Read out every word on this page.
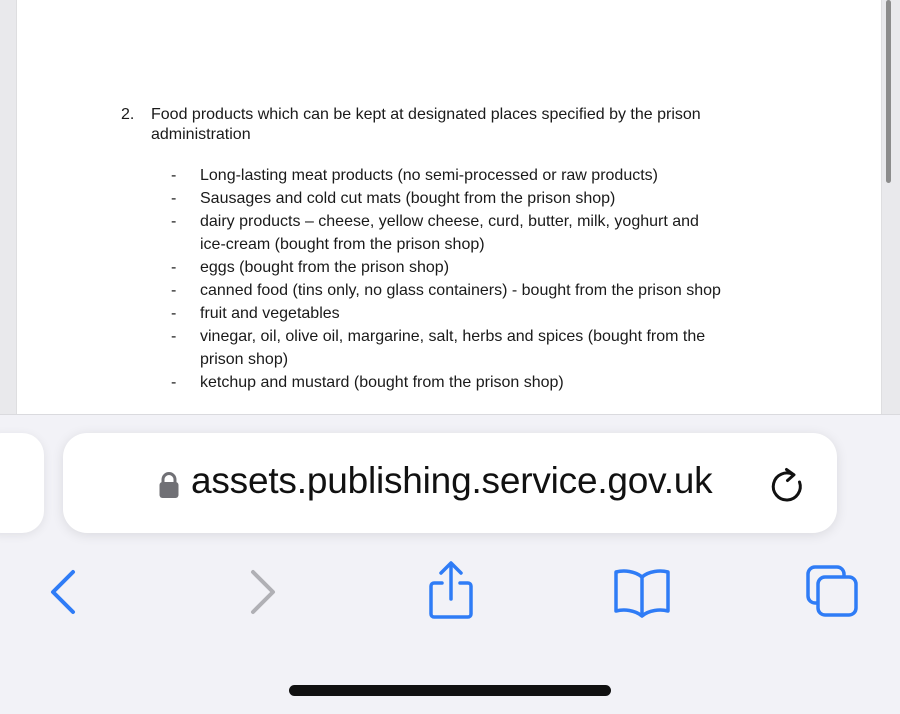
2. Food products which can be kept at designated places specified by the prison administration
- Long-lasting meat products (no semi-processed or raw products)
- Sausages and cold cut mats (bought from the prison shop)
- dairy products – cheese, yellow cheese, curd, butter, milk, yoghurt and
ice-cream (bought from the prison shop)
- eggs (bought from the prison shop)
- canned food (tins only, no glass containers) - bought from the prison shop
- fruit and vegetables
- vinegar, oil, olive oil, margarine, salt, herbs and spices (bought from the
prison shop)
- ketchup and mustard (bought from the prison shop)
assets.publishing.service.gov.uk
